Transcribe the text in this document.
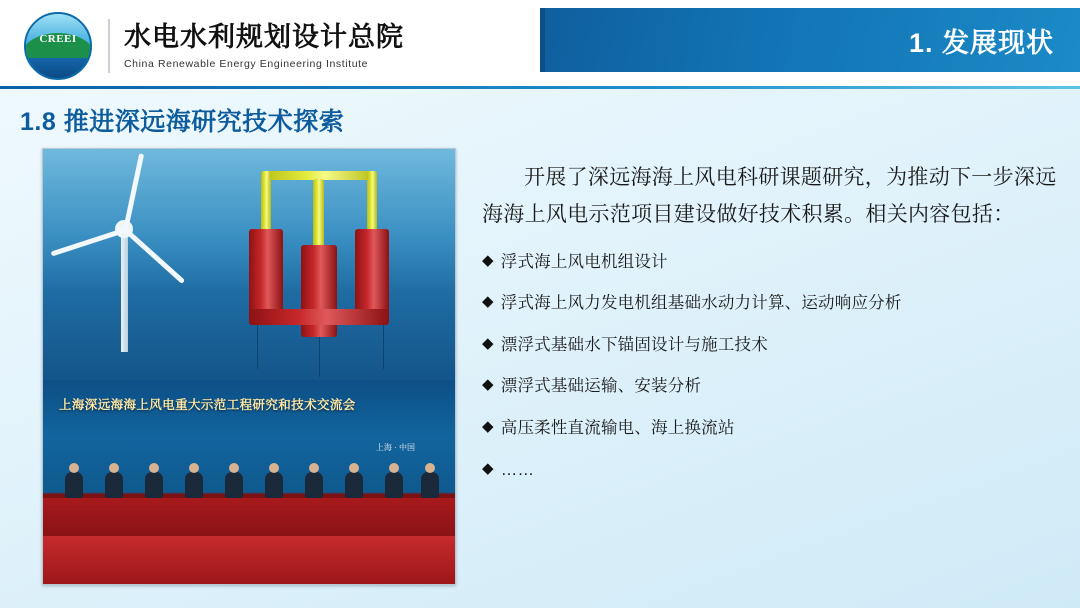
CREEI	水电水利规划设计总院
China Renewable Energy Engineering Institute
1. 发展现状
1.8 推进深远海研究技术探索
上海深远海海上风电重大示范工程研究和技术交流会
上海 · 中国
开展了深远海海上风电科研课题研究，为推动下一步深远海海上风电示范项目建设做好技术积累。相关内容包括：
◆ 浮式海上风电机组设计
◆ 浮式海上风力发电机组基础水动力计算、运动响应分析
◆ 漂浮式基础水下锚固设计与施工技术
◆ 漂浮式基础运输、安装分析
◆ 高压柔性直流输电、海上换流站
◆ ……
